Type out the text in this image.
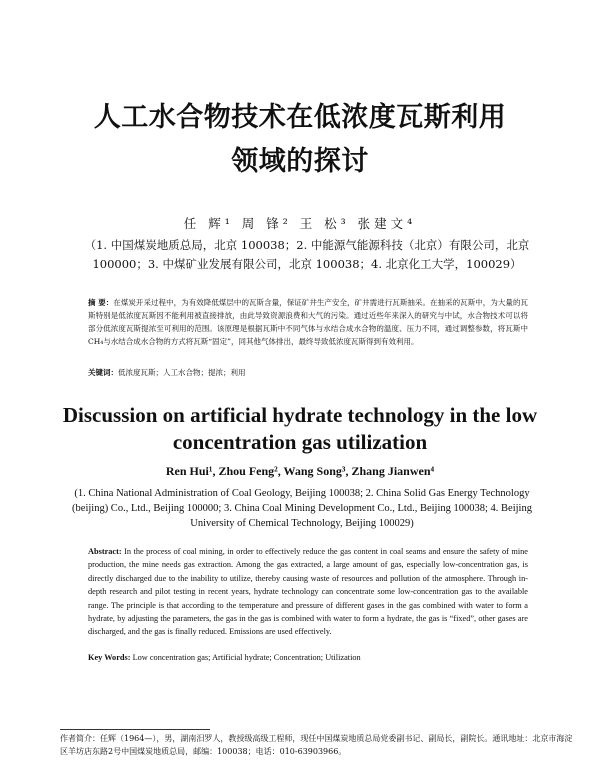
人工水合物技术在低浓度瓦斯利用
领域的探讨
任 辉¹ 周 锋² 王 松³ 张建文⁴
（1. 中国煤炭地质总局，北京 100038；2. 中能源气能源科技（北京）有限公司，北京 100000；3. 中煤矿业发展有限公司，北京 100038；4. 北京化工大学，100029）
摘 要：在煤炭开采过程中，为有效降低煤层中的瓦斯含量，保证矿井生产安全，矿井需进行瓦斯抽采。在抽采的瓦斯中，为大量的瓦斯特别是低浓度瓦斯因不能利用被直接排放，由此导致资源浪费和大气的污染。通过近些年来深入的研究与中试，水合物技术可以将部分低浓度瓦斯提浓至可利用的范围。该原理是根据瓦斯中不同气体与水结合成水合物的温度、压力不同，通过调整参数，将瓦斯中CH₄与水结合成水合物的方式将瓦斯“固定”，同其他气体排出，最终导致低浓度瓦斯得到有效利用。
关键词：低浓度瓦斯；人工水合物；提浓；利用
Discussion on artificial hydrate technology in the low
concentration gas utilization
Ren Hui¹, Zhou Feng², Wang Song³, Zhang Jianwen⁴
(1. China National Administration of Coal Geology, Beijing 100038; 2. China Solid Gas Energy Technology (beijing) Co., Ltd., Beijing 100000; 3. China Coal Mining Development Co., Ltd., Beijing 100038; 4. Beijing University of Chemical Technology, Beijing 100029)
Abstract: In the process of coal mining, in order to effectively reduce the gas content in coal seams and ensure the safety of mine production, the mine needs gas extraction. Among the gas extracted, a large amount of gas, especially low-concentration gas, is directly discharged due to the inability to utilize, thereby causing waste of resources and pollution of the atmosphere. Through in-depth research and pilot testing in recent years, hydrate technology can concentrate some low-concentration gas to the available range. The principle is that according to the temperature and pressure of different gases in the gas combined with water to form a hydrate, by adjusting the parameters, the gas in the gas is combined with water to form a hydrate, the gas is “fixed”, other gases are discharged, and the gas is finally reduced. Emissions are used effectively.
Key Words: Low concentration gas; Artificial hydrate; Concentration; Utilization
作者简介：任辉（1964—），男，湖南汨罗人，教授级高级工程师，现任中国煤炭地质总局党委副书记、副局长，副院长。通讯地址：北京市海淀区羊坊店东路2号中国煤炭地质总局，邮编：100038；电话：010-63903966。
